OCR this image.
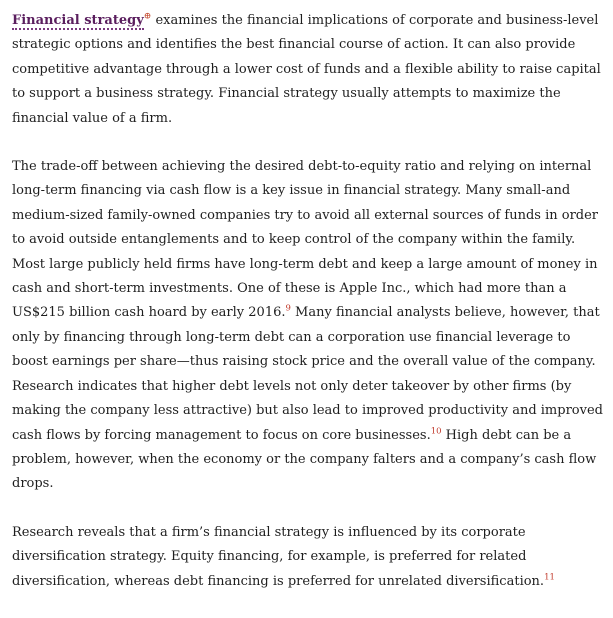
Financial strategy⊕ examines the financial implications of corporate and business-level strategic options and identifies the best financial course of action. It can also provide competitive advantage through a lower cost of funds and a flexible ability to raise capital to support a business strategy. Financial strategy usually attempts to maximize the financial value of a firm.

The trade-off between achieving the desired debt-to-equity ratio and relying on internal long-term financing via cash flow is a key issue in financial strategy. Many small-and medium-sized family-owned companies try to avoid all external sources of funds in order to avoid outside entanglements and to keep control of the company within the family. Most large publicly held firms have long-term debt and keep a large amount of money in cash and short-term investments. One of these is Apple Inc., which had more than a US$215 billion cash hoard by early 2016.$^9$ Many financial analysts believe, however, that only by financing through long-term debt can a corporation use financial leverage to boost earnings per share—thus raising stock price and the overall value of the company. Research indicates that higher debt levels not only deter takeover by other firms (by making the company less attractive) but also lead to improved productivity and improved cash flows by forcing management to focus on core businesses.$^{10}$ High debt can be a problem, however, when the economy or the company falters and a company’s cash flow drops.

Research reveals that a firm’s financial strategy is influenced by its corporate diversification strategy. Equity financing, for example, is preferred for related diversification, whereas debt financing is preferred for unrelated diversification.$^{11}$
